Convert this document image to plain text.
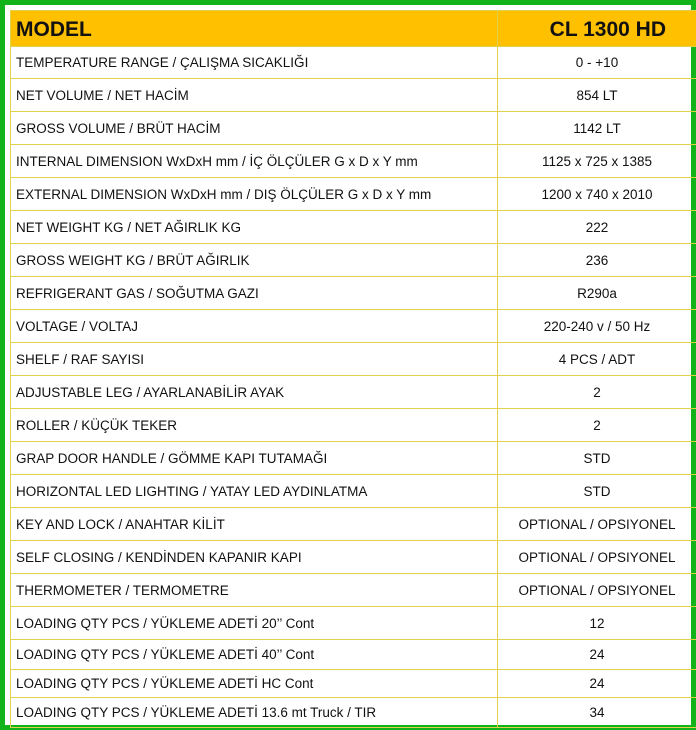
MODEL	CL 1300 HD
TEMPERATURE RANGE / ÇALIŞMA SICAKLIĞI	0 - +10
NET VOLUME / NET HACİM	854 LT
GROSS VOLUME / BRÜT HACİM	1142 LT
INTERNAL DIMENSION WxDxH mm / İÇ ÖLÇÜLER G x D x Y mm	1125 x 725 x 1385
EXTERNAL DIMENSION WxDxH mm / DIŞ ÖLÇÜLER G x D x Y mm	1200 x 740 x 2010
NET WEIGHT KG / NET AĞIRLIK KG	222
GROSS WEIGHT KG / BRÜT AĞIRLIK	236
REFRIGERANT GAS / SOĞUTMA GAZI	R290a
VOLTAGE / VOLTAJ	220-240 v / 50 Hz
SHELF / RAF SAYISI	4 PCS / ADT
ADJUSTABLE LEG / AYARLANABİLİR AYAK	2
ROLLER / KÜÇÜK TEKER	2
GRAP DOOR HANDLE / GÖMME KAPI TUTAMAĞI	STD
HORIZONTAL LED LIGHTING / YATAY LED AYDINLATMA	STD
KEY AND LOCK / ANAHTAR KİLİT	OPTIONAL / OPSIYONEL
SELF CLOSING / KENDİNDEN KAPANIR KAPI	OPTIONAL / OPSIYONEL
THERMOMETER / TERMOMETRE	OPTIONAL / OPSIYONEL
LOADING QTY PCS / YÜKLEME ADETİ 20’’ Cont	12
LOADING QTY PCS / YÜKLEME ADETİ 40’’ Cont	24
LOADING QTY PCS / YÜKLEME ADETİ HC Cont	24
LOADING QTY PCS / YÜKLEME ADETİ 13.6 mt Truck / TIR	34
